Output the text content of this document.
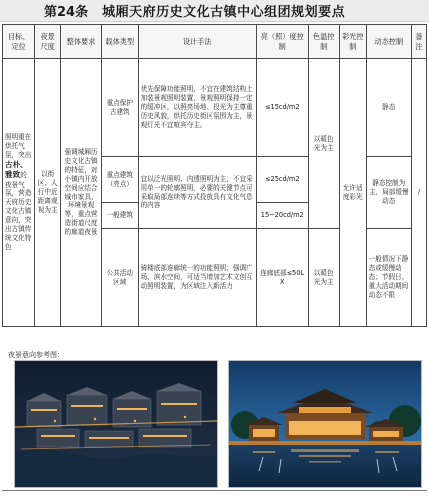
第24条 城厢天府历史文化古镇中心组团规划要点
目标、定位	夜景尺度	整体要求	载体类型	设计手法	亮（照）度控制	色温控制	彩光控制	动态控制	备注
照明重在烘托气氛，突出古朴、雅致的夜景气氛，营造天府历史文化古镇意向，突出古镇传统文化特色	以街区、人行中近距离观视为主	强调城厢历史文化古镇的特征，对小镇内开放空间应结合城市家具、环境景观等，重点营造街道尺度的廊道夜景	重点保护古建筑	优先保障功能照明，不宜在建筑结构上加装景观照明装置，景观照明保持一定的缓冲区，以照亮场地、投光为主尊重历史风貌，烘托历史街区氛围为主，景观灯光不宜喧宾夺主。	≤15cd/m2	以暖色光为主	允许适度彩光	静态	/
			重点建筑（亮点）	宜以泛光照明、内透照明为主，不宜采用单一的轮廓照明，必要的关键节点可采取局部连续等方式投放具有文化气息的内容	≤25cd/m2			静态控制为主，局部缓慢动态	
			一般建筑		15~20cd/m2				
			公共活动区域	骑楼底部连廊统一的功能照明；强调广场、滨水空间，可适当增加艺术文创互动照明装置，为区域注入新活力	连廊底部≤50LX	以暖色光为主		一般情况下静态或缓慢动态；节假日、重大活动期间动态不限	
夜景意向参考图：
